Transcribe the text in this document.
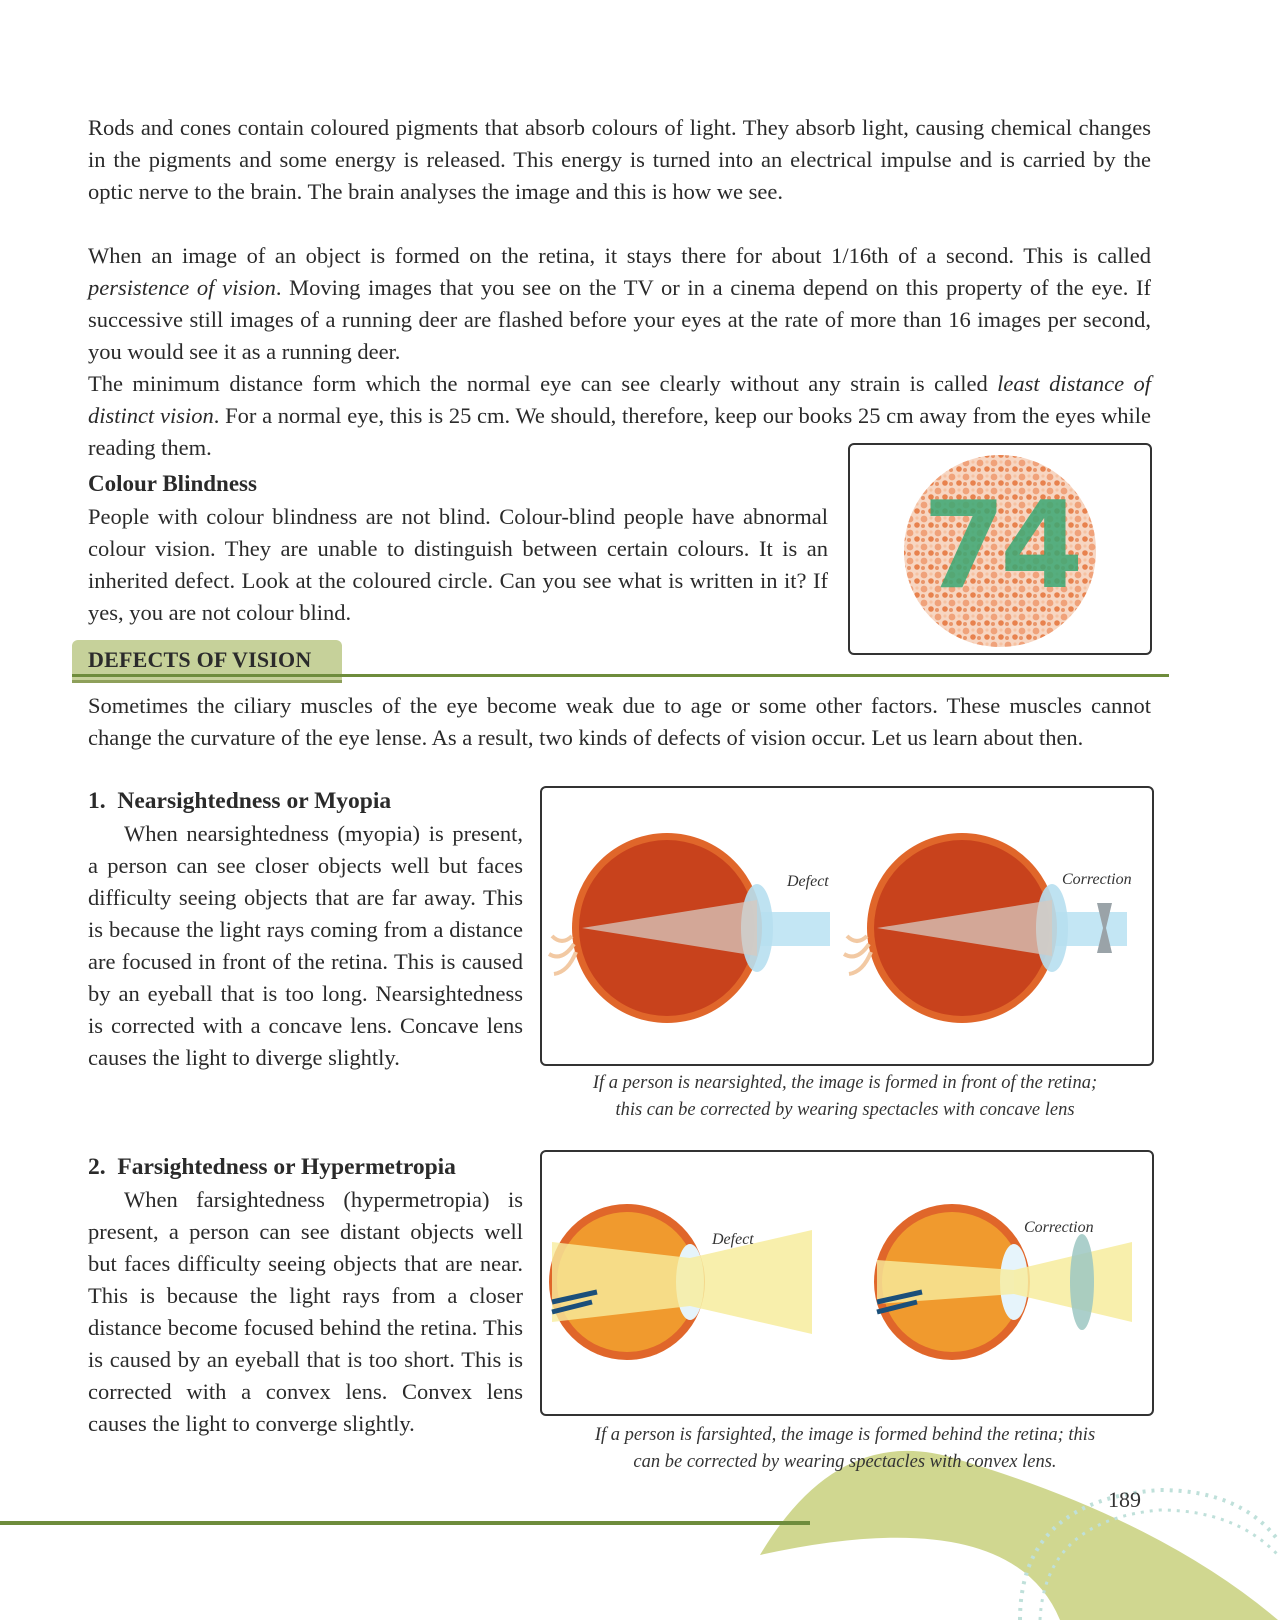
Rods and cones contain coloured pigments that absorb colours of light. They absorb light, causing chemical changes in the pigments and some energy is released. This energy is turned into an electrical impulse and is carried by the optic nerve to the brain. The brain analyses the image and this is how we see.

When an image of an object is formed on the retina, it stays there for about 1/16th of a second. This is called persistence of vision. Moving images that you see on the TV or in a cinema depend on this property of the eye. If successive still images of a running deer are flashed before your eyes at the rate of more than 16 images per second, you would see it as a running deer.

The minimum distance form which the normal eye can see clearly without any strain is called least distance of distinct vision. For a normal eye, this is 25 cm. We should, therefore, keep our books 25 cm away from the eyes while reading them.

Colour Blindness

People with colour blindness are not blind. Colour-blind people have abnormal colour vision. They are unable to distinguish between certain colours. It is an inherited defect. Look at the coloured circle. Can you see what is written in it? If yes, you are not colour blind.	74
DEFECTS OF VISION

Sometimes the ciliary muscles of the eye become weak due to age or some other factors. These muscles cannot change the curvature of the eye lense. As a result, two kinds of defects of vision occur. Let us learn about then.

1. Nearsightedness or Myopia

When nearsightedness (myopia) is present, a person can see closer objects well but faces difficulty seeing objects that are far away. This is because the light rays coming from a distance are focused in front of the retina. This is caused by an eyeball that is too long. Nearsightedness is corrected with a concave lens. Concave lens causes the light to diverge slightly.

Defect	Correction
If a person is nearsighted, the image is formed in front of the retina;
this can be corrected by wearing spectacles with concave lens
2. Farsightedness or Hypermetropia

When farsightedness (hypermetropia) is present, a person can see distant objects well but faces difficulty seeing objects that are near. This is because the light rays from a closer distance become focused behind the retina. This is caused by an eyeball that is too short. This is corrected with a convex lens. Convex lens causes the light to converge slightly.

Defect
Correction
If a person is farsighted, the image is formed behind the retina; this
can be corrected by wearing spectacles with convex lens.
189
